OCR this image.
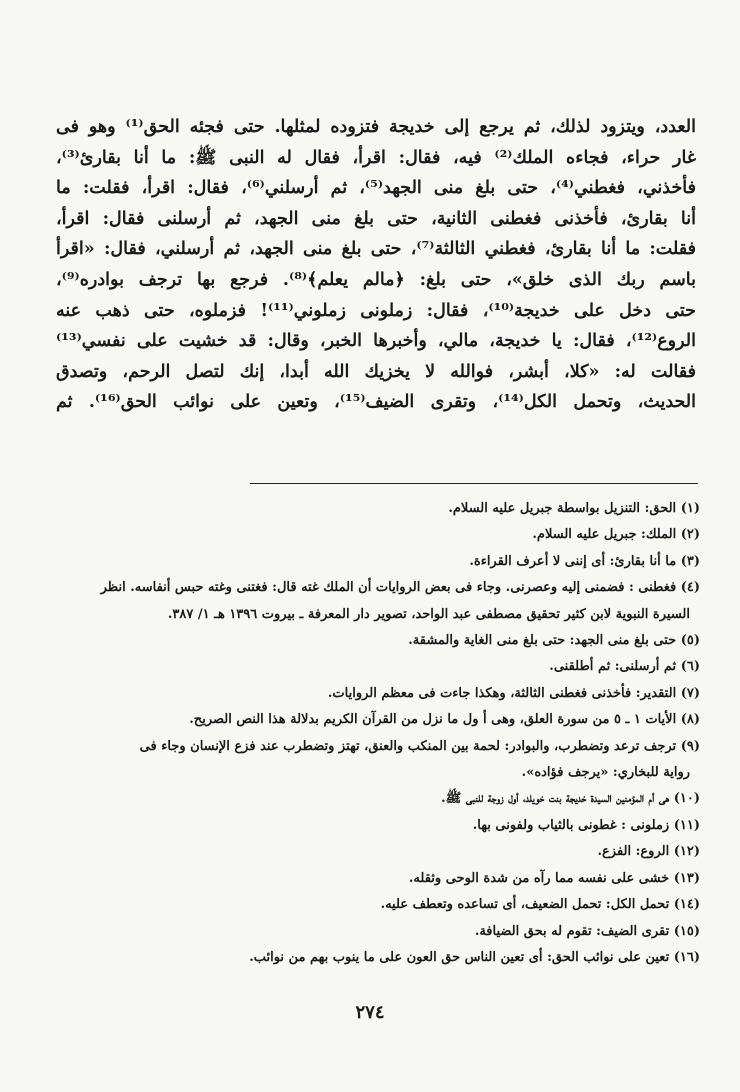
العدد، ويتزود لذلك، ثم يرجع إلى خديجة فتزوده لمثلها. حتى فجئه الحق⁽¹⁾ وهو فى
غار حراء، فجاءه الملك⁽²⁾ فيه، فقال: اقرأ، فقال له النبى ﷺ: ما أنا بقارئ⁽³⁾،
فأخذني، فغطني⁽⁴⁾، حتى بلغ منى الجهد⁽⁵⁾، ثم أرسلني⁽⁶⁾، فقال: اقرأ، فقلت: ما
أنا بقارئ، فأخذنى فغطنى الثانية، حتى بلغ منى الجهد، ثم أرسلنى فقال: اقرأ،
فقلت: ما أنا بقارئ، فغطني الثالثة⁽⁷⁾، حتى بلغ منى الجهد، ثم أرسلني، فقال: «اقرأ
باسم ربك الذى خلق»، حتى بلغ: ﴿مالم يعلم﴾⁽⁸⁾. فرجع بها ترجف بوادره⁽⁹⁾،
حتى دخل على خديجة⁽¹⁰⁾، فقال: زملونى زملوني⁽¹¹⁾! فزملوه، حتى ذهب عنه
الروع⁽¹²⁾، فقال: يا خديجة، مالي، وأخبرها الخبر، وقال: قد خشيت على نفسي⁽¹³⁾
فقالت له: «كلا، أبشر، فوالله لا يخزيك الله أبدا، إنك لتصل الرحم، وتصدق
الحديث، وتحمل الكل⁽¹⁴⁾، وتقرى الضيف⁽¹⁵⁾، وتعين على نوائب الحق⁽¹⁶⁾. ثم
(١) الحق: التنزيل بواسطة جبريل عليه السلام.
(٢) الملك: جبريل عليه السلام.
(٣) ما أنا بقارئ: أى إننى لا أعرف القراءة.
(٤) فغطنى : فضمنى إليه وعصرنى. وجاء فى بعض الروايات أن الملك غته قال: فغتنى وغته حبس أنفاسه. انظر
السيرة النبوية لابن كثير تحقيق مصطفى عبد الواحد، تصوير دار المعرفة ـ بيروت ١٣٩٦ هـ ١/ ٣٨٧.
(٥) حتى بلغ منى الجهد: حتى بلغ منى الغاية والمشقة.
(٦) ثم أرسلنى: ثم أطلقنى.
(٧) التقدير: فأخذنى فغطنى الثالثة، وهكذا جاءت فى معظم الروايات.
(٨) الأيات ١ ـ ٥ من سورة العلق، وهى أ ول ما نزل من القرآن الكريم بدلالة هذا النص الصريح.
(٩) ترجف ترعد وتضطرب، والبوادر: لحمة بين المنكب والعنق، تهتز وتضطرب عند فزع الإنسان وجاء فى
رواية للبخاري: «يرجف فؤاده».
(١٠) هى أم المؤمنين السيدة خديجة بنت خويلد، أول زوجة للنبى ﷺ.
(١١) زملونى : غطونى بالثياب ولفونى بها.
(١٢) الروع: الفزع.
(١٣) خشى على نفسه مما رآه من شدة الوحى وثقله.
(١٤) تحمل الكل: تحمل الضعيف، أى تساعده وتعطف عليه.
(١٥) تقرى الضيف: تقوم له بحق الضيافة.
(١٦) تعين على نوائب الحق: أى تعين الناس حق العون على ما ينوب بهم من نوائب.
٢٧٤
